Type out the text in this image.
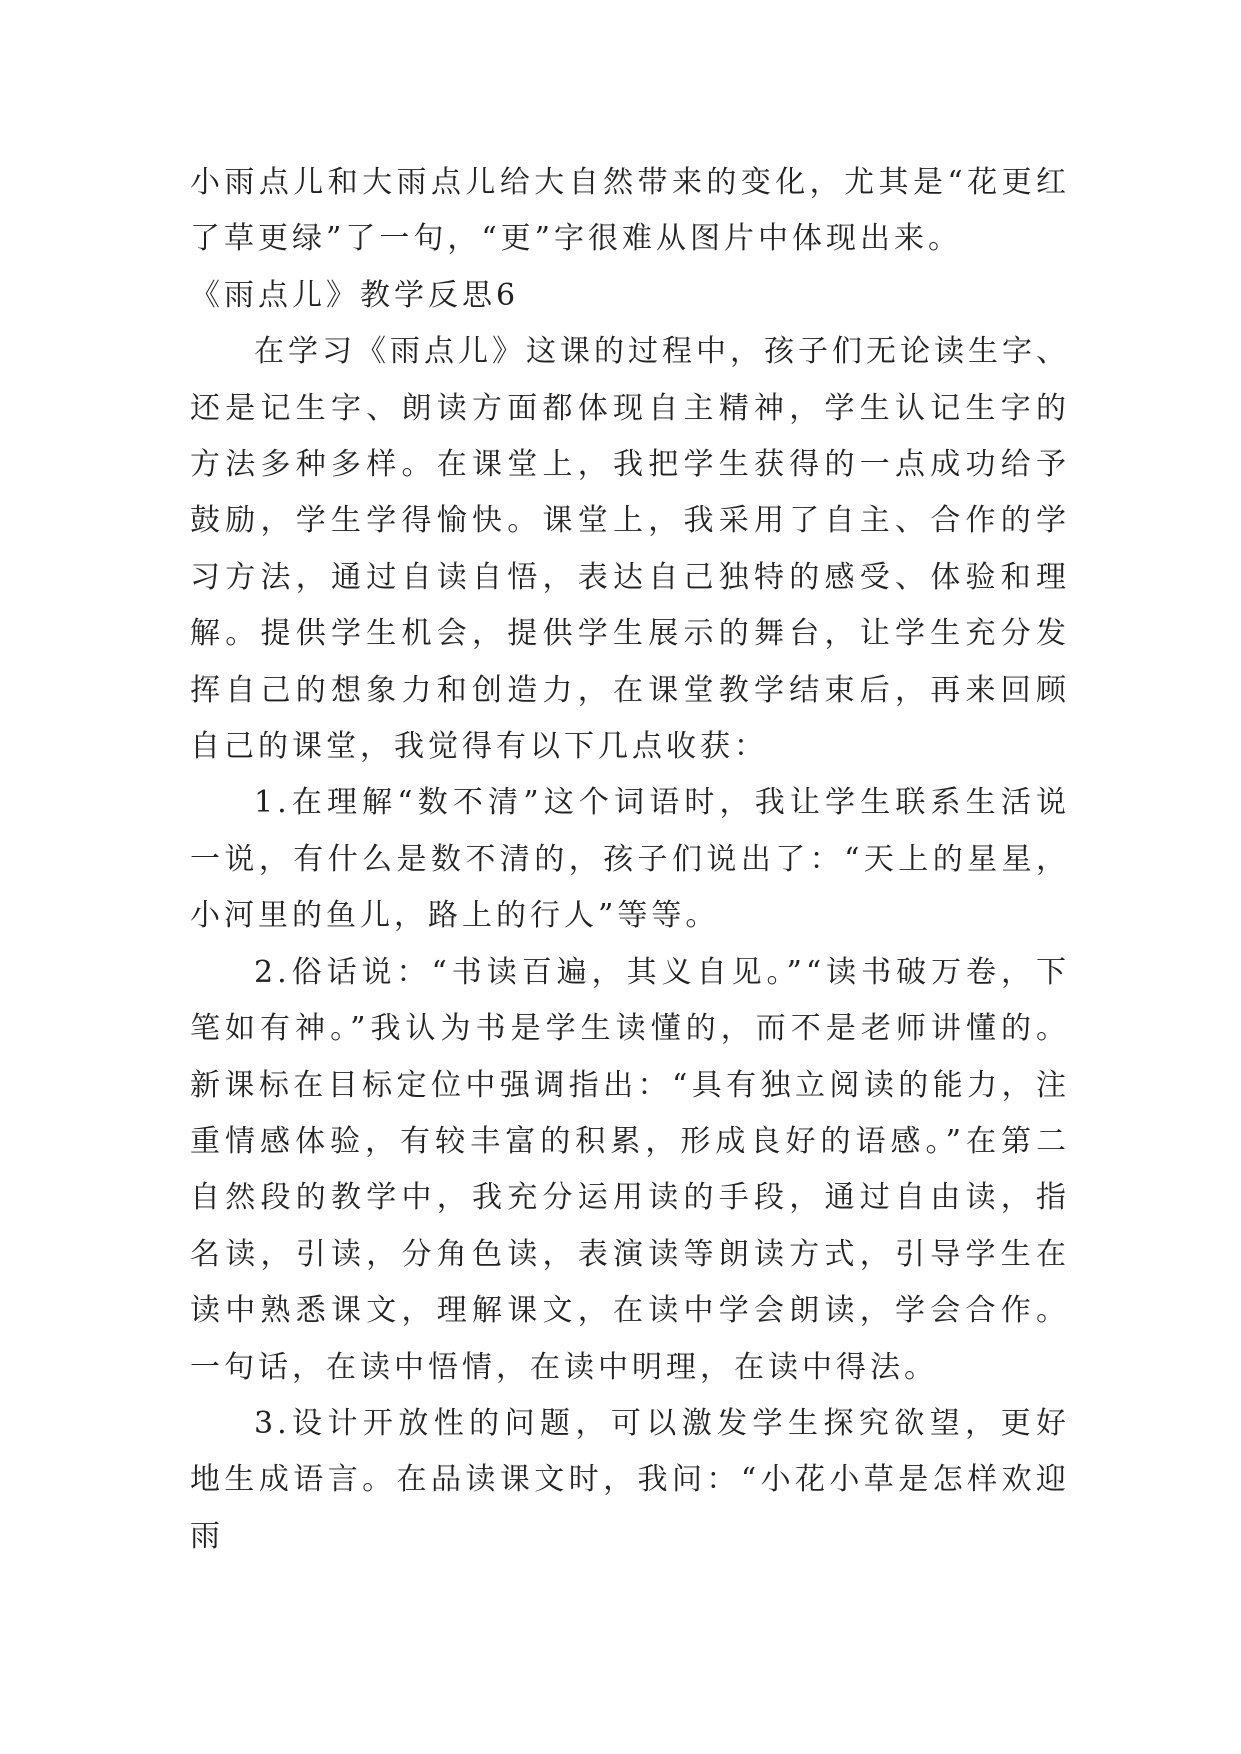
小雨点儿和大雨点儿给大自然带来的变化，尤其是“花更红了草更绿”了一句，“更”字很难从图片中体现出来。

《雨点儿》教学反思6

在学习《雨点儿》这课的过程中，孩子们无论读生字、还是记生字、朗读方面都体现自主精神，学生认记生字的方法多种多样。在课堂上，我把学生获得的一点成功给予鼓励，学生学得愉快。课堂上，我采用了自主、合作的学习方法，通过自读自悟，表达自己独特的感受、体验和理解。提供学生机会，提供学生展示的舞台，让学生充分发挥自己的想象力和创造力，在课堂教学结束后，再来回顾自己的课堂，我觉得有以下几点收获：

1.在理解“数不清”这个词语时，我让学生联系生活说一说，有什么是数不清的，孩子们说出了：“天上的星星，小河里的鱼儿，路上的行人”等等。

2.俗话说：“书读百遍，其义自见。”“读书破万卷，下笔如有神。”我认为书是学生读懂的，而不是老师讲懂的。新课标在目标定位中强调指出：“具有独立阅读的能力，注重情感体验，有较丰富的积累，形成良好的语感。”在第二自然段的教学中，我充分运用读的手段，通过自由读，指名读，引读，分角色读，表演读等朗读方式，引导学生在读中熟悉课文，理解课文，在读中学会朗读，学会合作。一句话，在读中悟情，在读中明理，在读中得法。

3.设计开放性的问题，可以激发学生探究欲望，更好地生成语言。在品读课文时，我问：“小花小草是怎样欢迎雨
